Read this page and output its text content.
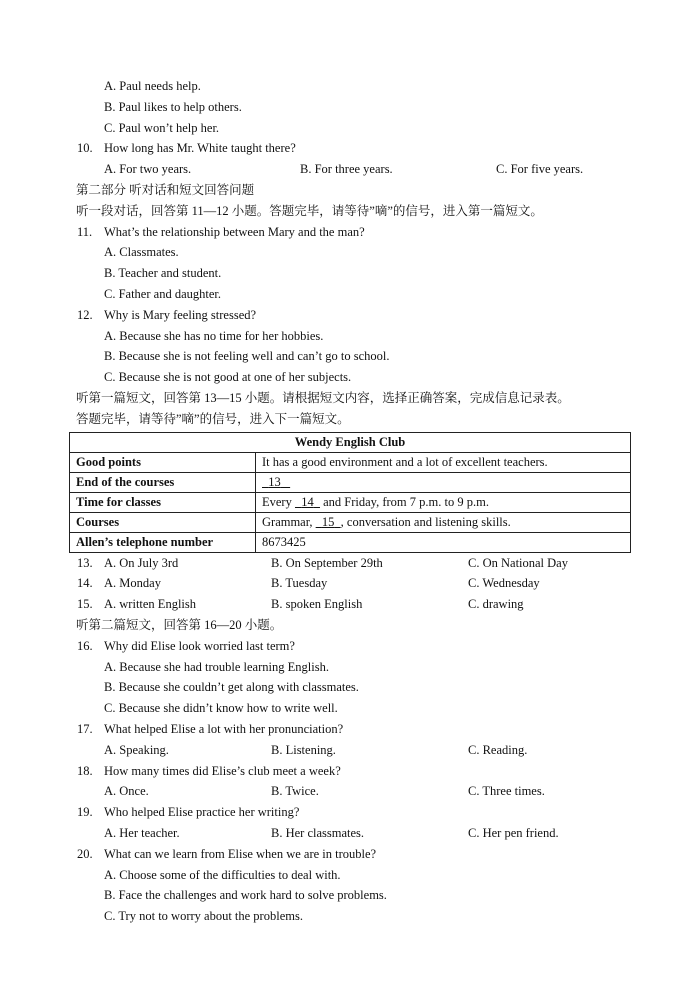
A. Paul needs help.
B. Paul likes to help others.
C. Paul won’t help her.
10. How long has Mr. White taught there?
A. For two years.	B. For three years.	C. For five years.
第二部分 听对话和短文回答问题
听一段对话，回答第 11—12 小题。答题完毕，请等待”嘀”的信号，进入第一篇短文。
11. What’s the relationship between Mary and the man?
A. Classmates.
B. Teacher and student.
C. Father and daughter.
12. Why is Mary feeling stressed?
A. Because she has no time for her hobbies.
B. Because she is not feeling well and can’t go to school.
C. Because she is not good at one of her subjects.
听第一篇短文，回答第 13—15 小题。请根据短文内容，选择正确答案，完成信息记录表。
答题完毕，请等待”嘀”的信号，进入下一篇短文。
Wendy English Club	
Good points	It has a good environment and a lot of excellent teachers.
End of the courses	13
Time for classes	Every 14 and Friday, from 7 p.m. to 9 p.m.
Courses	Grammar, 15 , conversation and listening skills.
Allen’s telephone number	8673425
13. A. On July 3rd	B. On September 29th	C. On National Day
14. A. Monday	B. Tuesday	C. Wednesday
15. A. written English	B. spoken English	C. drawing
听第二篇短文，回答第 16—20 小题。
16. Why did Elise look worried last term?
A. Because she had trouble learning English.
B. Because she couldn’t get along with classmates.
C. Because she didn’t know how to write well.
17. What helped Elise a lot with her pronunciation?
A. Speaking.	B. Listening.	C. Reading.
18. How many times did Elise’s club meet a week?
A. Once.	B. Twice.	C. Three times.
19. Who helped Elise practice her writing?
A. Her teacher.	B. Her classmates.	C. Her pen friend.
20. What can we learn from Elise when we are in trouble?
A. Choose some of the difficulties to deal with.
B. Face the challenges and work hard to solve problems.
C. Try not to worry about the problems.
